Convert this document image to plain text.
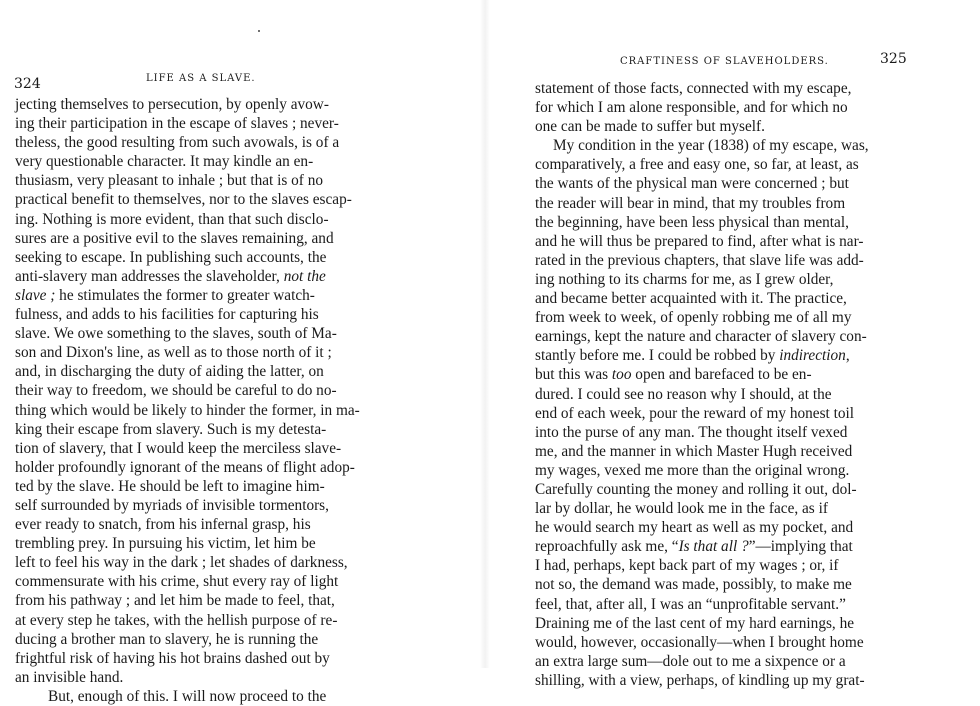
324	LIFE AS A SLAVE.
jecting themselves to persecution, by openly avow-
ing their participation in the escape of slaves ; never-
theless, the good resulting from such avowals, is of a
very questionable character. It may kindle an en-
thusiasm, very pleasant to inhale ; but that is of no
practical benefit to themselves, nor to the slaves escap-
ing. Nothing is more evident, than that such disclo-
sures are a positive evil to the slaves remaining, and
seeking to escape. In publishing such accounts, the
anti-slavery man addresses the slaveholder, not the
slave ; he stimulates the former to greater watch-
fulness, and adds to his facilities for capturing his
slave. We owe something to the slaves, south of Ma-
son and Dixon's line, as well as to those north of it ;
and, in discharging the duty of aiding the latter, on
their way to freedom, we should be careful to do no-
thing which would be likely to hinder the former, in ma-
king their escape from slavery. Such is my detesta-
tion of slavery, that I would keep the merciless slave-
holder profoundly ignorant of the means of flight adop-
ted by the slave. He should be left to imagine him-
self surrounded by myriads of invisible tormentors,
ever ready to snatch, from his infernal grasp, his
trembling prey. In pursuing his victim, let him be
left to feel his way in the dark ; let shades of darkness,
commensurate with his crime, shut every ray of light
from his pathway ; and let him be made to feel, that,
at every step he takes, with the hellish purpose of re-
ducing a brother man to slavery, he is running the
frightful risk of having his hot brains dashed out by
an invisible hand.
But, enough of this. I will now proceed to the
CRAFTINESS OF SLAVEHOLDERS.	325
statement of those facts, connected with my escape,
for which I am alone responsible, and for which no
one can be made to suffer but myself.
My condition in the year (1838) of my escape, was,
comparatively, a free and easy one, so far, at least, as
the wants of the physical man were concerned ; but
the reader will bear in mind, that my troubles from
the beginning, have been less physical than mental,
and he will thus be prepared to find, after what is nar-
rated in the previous chapters, that slave life was add-
ing nothing to its charms for me, as I grew older,
and became better acquainted with it. The practice,
from week to week, of openly robbing me of all my
earnings, kept the nature and character of slavery con-
stantly before me. I could be robbed by indirection,
but this was too open and barefaced to be en-
dured. I could see no reason why I should, at the
end of each week, pour the reward of my honest toil
into the purse of any man. The thought itself vexed
me, and the manner in which Master Hugh received
my wages, vexed me more than the original wrong.
Carefully counting the money and rolling it out, dol-
lar by dollar, he would look me in the face, as if
he would search my heart as well as my pocket, and
reproachfully ask me, “Is that all ?”—implying that
I had, perhaps, kept back part of my wages ; or, if
not so, the demand was made, possibly, to make me
feel, that, after all, I was an “unprofitable servant.”
Draining me of the last cent of my hard earnings, he
would, however, occasionally—when I brought home
an extra large sum—dole out to me a sixpence or a
shilling, with a view, perhaps, of kindling up my grat-
